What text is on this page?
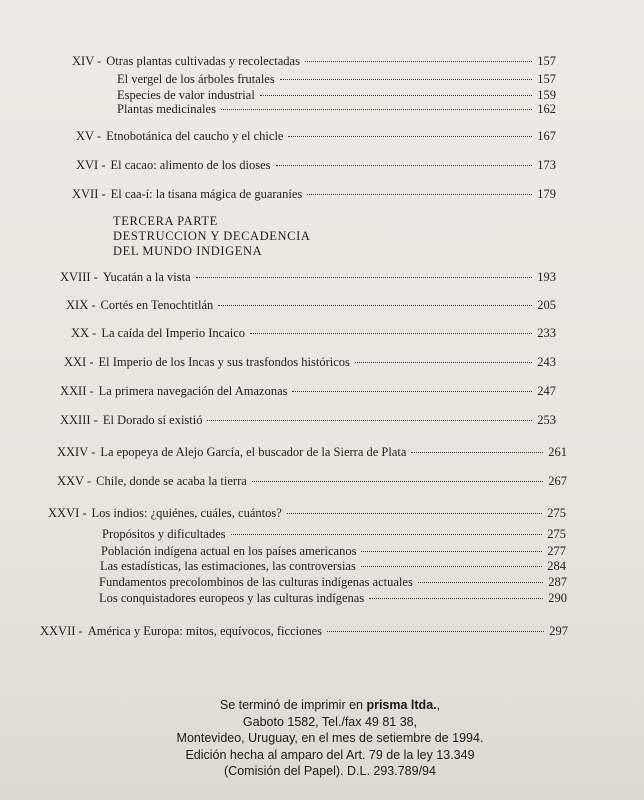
XIV - Otras plantas cultivadas y recolectadas	157
El vergel de los árboles frutales	157
Especies de valor industrial	159
Plantas medicinales	162
XV - Etnobotánica del caucho y el chicle	167
XVI - El cacao: alimento de los dioses	173
XVII - El caa-í: la tisana mágica de guaraníes	179
TERCERA PARTE
DESTRUCCION Y DECADENCIA
DEL MUNDO INDIGENA
XVIII - Yucatán a la vista	193
XIX - Cortés en Tenochtitlán	205
XX - La caída del Imperio Incaico	233
XXI - El Imperio de los Incas y sus trasfondos históricos	243
XXII - La primera navegación del Amazonas	247
XXIII - El Dorado sí existió	253
XXIV - La epopeya de Alejo García, el buscador de la Sierra de Plata	261
XXV - Chile, donde se acaba la tierra	267
XXVI - Los indios: ¿quiénes, cuáles, cuántos?	275
Propósitos y dificultades	275
Población indígena actual en los países americanos	277
Las estadísticas, las estimaciones, las controversias	284
Fundamentos precolombinos de las culturas indígenas actuales	287
Los conquistadores europeos y las culturas indígenas	290
XXVII - América y Europa: mitos, equívocos, ficciones	297
Se terminó de imprimir en prisma ltda.,
Gaboto 1582, Tel./fax 49 81 38,
Montevideo, Uruguay, en el mes de setiembre de 1994.
Edición hecha al amparo del Art. 79 de la ley 13.349
(Comisión del Papel). D.L. 293.789/94
